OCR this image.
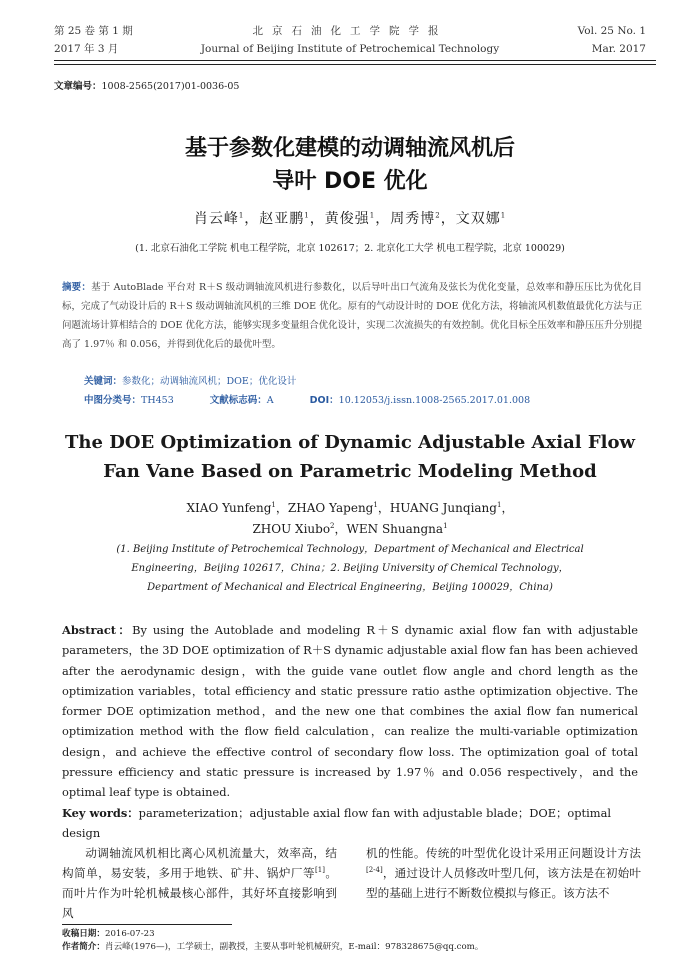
第 25 卷 第 1 期
2017 年 3 月
北京石油化工学院学报
Journal of Beijing Institute of Petrochemical Technology
Vol. 25 No. 1
Mar. 2017
文章编号：1008-2565(2017)01-0036-05
基于参数化建模的动调轴流风机后
导叶 DOE 优化
肖云峰$^1$，赵亚鹏$^1$，黄俊强$^1$，周秀博$^2$，文双娜$^1$
(1. 北京石油化工学院 机电工程学院，北京 102617；2. 北京化工大学 机电工程学院，北京 100029)
摘要：基于 AutoBlade 平台对 R＋S 级动调轴流风机进行参数化，以后导叶出口气流角及弦长为优化变量，总效率和静压压比为优化目标，完成了气动设计后的 R＋S 级动调轴流风机的三维 DOE 优化。原有的气动设计时的 DOE 优化方法，将轴流风机数值最优化方法与正问题流场计算相结合的 DOE 优化方法，能够实现多变量组合优化设计，实现二次流损失的有效控制。优化目标全压效率和静压压升分别提高了 1.97％ 和 0.056，并得到优化后的最优叶型。
关键词：参数化；动调轴流风机；DOE；优化设计
中图分类号：TH453	文献标志码：A	DOI：10.12053/j.issn.1008-2565.2017.01.008
The DOE Optimization of Dynamic Adjustable Axial Flow
Fan Vane Based on Parametric Modeling Method
XIAO Yunfeng$^1$，ZHAO Yapeng$^1$，HUANG Junqiang$^1$，
ZHOU Xiubo$^2$，WEN Shuangna$^1$
(1. Beijing Institute of Petrochemical Technology，Department of Mechanical and Electrical
Engineering，Beijing 102617，China；2. Beijing University of Chemical Technology，
Department of Mechanical and Electrical Engineering，Beijing 100029，China)
Abstract：By using the Autoblade and modeling R＋S dynamic axial flow fan with adjustable parameters，the 3D DOE optimization of R＋S dynamic adjustable axial flow fan has been achieved after the aerodynamic design，with the guide vane outlet flow angle and chord length as the optimization variables，total efficiency and static pressure ratio asthe optimization objective. The former DOE optimization method，and the new one that combines the axial flow fan numerical optimization method with the flow field calculation，can realize the multi-variable optimization design，and achieve the effective control of secondary flow loss. The optimization goal of total pressure efficiency and static pressure is increased by 1.97％ and 0.056 respectively，and the optimal leaf type is obtained.
Key words：parameterization；adjustable axial flow fan with adjustable blade；DOE；optimal design
动调轴流风机相比离心风机流量大，效率高，结构简单，易安装，多用于地铁、矿井、锅炉厂等[1]。而叶片作为叶轮机械最核心部件，其好坏直接影响到风
机的性能。传统的叶型优化设计采用正问题设计方法[2-4]，通过设计人员修改叶型几何，该方法是在初始叶型的基础上进行不断数位模拟与修正。该方法不
收稿日期：2016-07-23
作者简介：肖云峰(1976—)，工学硕士，副教授，主要从事叶轮机械研究，E-mail：978328675@qq.com。
